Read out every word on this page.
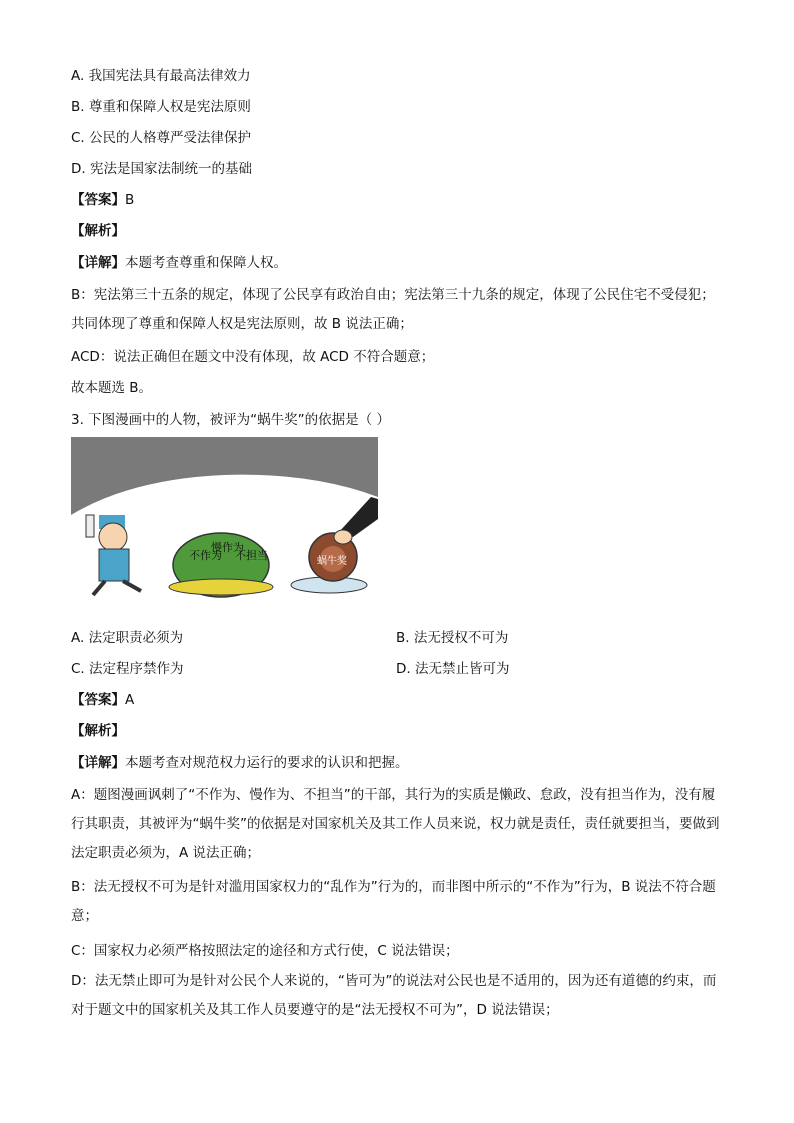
A. 我国宪法具有最高法律效力
B. 尊重和保障人权是宪法原则
C. 公民的人格尊严受法律保护
D. 宪法是国家法制统一的基础
【答案】B
【解析】
【详解】本题考查尊重和保障人权。
B：宪法第三十五条的规定，体现了公民享有政治自由；宪法第三十九条的规定，体现了公民住宅不受侵犯；共同体现了尊重和保障人权是宪法原则，故 B 说法正确；
ACD：说法正确但在题文中没有体现，故 ACD 不符合题意；
故本题选 B。
3. 下图漫画中的人物，被评为“蜗牛奖”的依据是（ ）
不作为
慢作为
不担当	蜗牛奖
A. 法定职责必须为	B. 法无授权不可为
C. 法定程序禁作为	D. 法无禁止皆可为
【答案】A
【解析】
【详解】本题考查对规范权力运行的要求的认识和把握。
A：题图漫画讽刺了“不作为、慢作为、不担当”的干部，其行为的实质是懒政、怠政，没有担当作为，没有履行其职责，其被评为“蜗牛奖”的依据是对国家机关及其工作人员来说，权力就是责任，责任就要担当，要做到法定职责必须为，A 说法正确；
B：法无授权不可为是针对滥用国家权力的“乱作为”行为的，而非图中所示的“不作为”行为，B 说法不符合题意；
C：国家权力必须严格按照法定的途径和方式行使，C 说法错误；
D：法无禁止即可为是针对公民个人来说的，“皆可为”的说法对公民也是不适用的，因为还有道德的约束，而对于题文中的国家机关及其工作人员要遵守的是“法无授权不可为”，D 说法错误；
